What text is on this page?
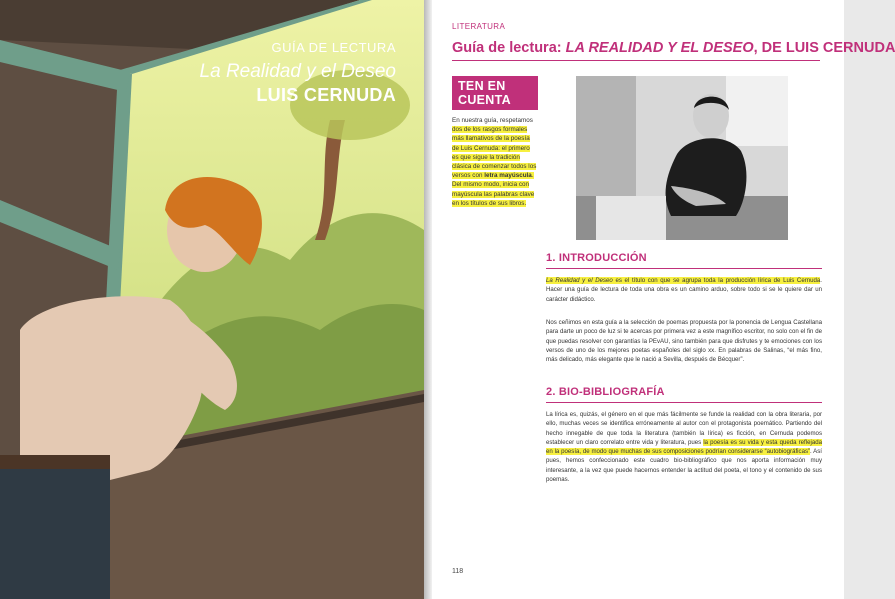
GUÍA DE LECTURA
La Realidad y el Deseo
LUIS CERNUDA
LITERATURA
Guía de lectura: LA REALIDAD Y EL DESEO, DE LUIS CERNUDA
TEN EN CUENTA
En nuestra guía, respetamos dos de los rasgos formales más llamativos de la poesía de Luis Cernuda: el primero es que sigue la tradición clásica de comenzar todos los versos con letra mayúscula. Del mismo modo, inicia con mayúscula las palabras clave en los títulos de sus libros.
1. INTRODUCCIÓN
La Realidad y el Deseo es el título con que se agrupa toda la producción lírica de Luis Cernuda. Hacer una guía de lectura de toda una obra es un camino arduo, sobre todo si se le quiere dar un carácter didáctico.
Nos ceñimos en esta guía a la selección de poemas propuesta por la ponencia de Lengua Castellana para darte un poco de luz si te acercas por primera vez a este magnífico escritor, no solo con el fin de que puedas resolver con garantías la PEvAU, sino también para que disfrutes y te emociones con los versos de uno de los mejores poetas españoles del siglo xx. En palabras de Salinas, “el más fino, más delicado, más elegante que le nació a Sevilla, después de Bécquer”.
2. BIO-BIBLIOGRAFÍA
La lírica es, quizás, el género en el que más fácilmente se funde la realidad con la obra literaria, por ello, muchas veces se identifica erróneamente al autor con el protagonista poemático. Partiendo del hecho innegable de que toda la literatura (también la lírica) es ficción, en Cernuda podemos establecer un claro correlato entre vida y literatura, pues la poesía es su vida y esta queda reflejada en la poesía, de modo que muchas de sus composiciones podrían considerarse “autobiográficas”. Así pues, hemos confeccionado este cuadro bio-bibliográfico que nos aporta información muy interesante, a la vez que puede hacernos entender la actitud del poeta, el tono y el contenido de sus poemas.
118
